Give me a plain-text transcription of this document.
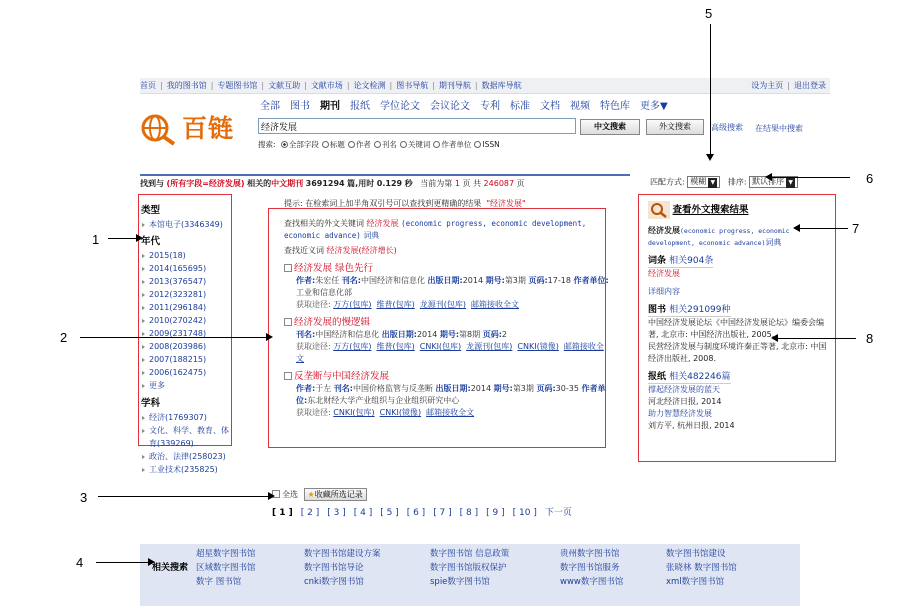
首页 | 我的图书馆 | 专题图书馆 | 文献互助 | 文献市场 | 论文检测 | 图书导航 | 期刊导航 | 数据库导航	设为主页 | 退出登录
百链
全部 图书 期刊 报纸 学位论文 会议论文 专利 标准 文档 视频 特色库 更多▼
经济发展
中文搜索	外文搜索	高级搜索 在结果中搜索
搜索: 全部字段 标题 作者 刊名 关键词 作者单位 ISSN
找到与 (所有字段=经济发展) 相关的中文期刊 3691294 篇,用时 0.129 秒 当前为第 1 页 共 246087 页	匹配方式: 模糊 ▼ 排序: 默认排序 ▼
提示: 在检索词上加半角双引号可以查找到更精确的结果 "经济发展"
类型
本馆电子(3346349)
年代
2015(18)
2014(165695)
2013(376547)
2012(323281)
2011(296184)
2010(270242)
2009(231748)
2008(203986)
2007(188215)
2006(162475)
更多
学科
经济(1769307)
文化、科学、教育、体育(339269)
政治、法律(258023)
工业技术(235825)
查找相关的外文关键词 经济发展 (economic progress, economic development, economic advance) 词典
查找近义词 经济发展(经济增长)
经济发展 绿色先行
作者:朱宏任 刊名:中国经济和信息化 出版日期:2014 期号:第3期 页码:17-18 作者单位:工业和信息化部
获取途径: 万方(包库) 维普(包库) 龙源刊(包库) 邮箱接收全文
经济发展的慢逻辑
刊名:中国经济和信息化 出版日期:2014 期号:第8期 页码:2
获取途径: 万方(包库) 维普(包库) CNKI(包库) 龙源刊(包库) CNKI(镜像) 邮箱接收全文
反垄断与中国经济发展
作者:于左 刊名:中国价格监管与反垄断 出版日期:2014 期号:第3期 页码:30-35 作者单位:东北财经大学产业组织与企业组织研究中心
获取途径: CNKI(包库) CNKI(镜像) 邮箱接收全文
全选 ★收藏所选记录
[ 1 ] [ 2 ] [ 3 ] [ 4 ] [ 5 ] [ 6 ] [ 7 ] [ 8 ] [ 9 ] [ 10 ] 下一页
查看外文搜索结果
经济发展(economic progress, economic development, economic advance)词典
词条 相关904条
经济发展
详细内容
图书 相关291099种
中国经济发展论坛《中国经济发展论坛》编委会编著, 北京市: 中国经济出版社, 2005.
民营经济发展与制度环境许秦正等著, 北京市: 中国经济出版社, 2008.
报纸 相关482246篇
撑起经济发展的蓝天
河北经济日报, 2014
助力智慧经济发展
刘方平, 杭州日报, 2014
相关搜索
超星数字图书馆	数字图书馆建设方案	数字图书馆 信息政策	贵州数字图书馆	数字图书馆建设
区域数字图书馆	数字图书馆导论	数字图书馆版权保护	数字图书馆服务	张晓林 数字图书馆
数字 图书馆	cnki数字图书馆	spie数字图书馆	www数字图书馆	xml数字图书馆
1
2
3
4
6
7
8
5
